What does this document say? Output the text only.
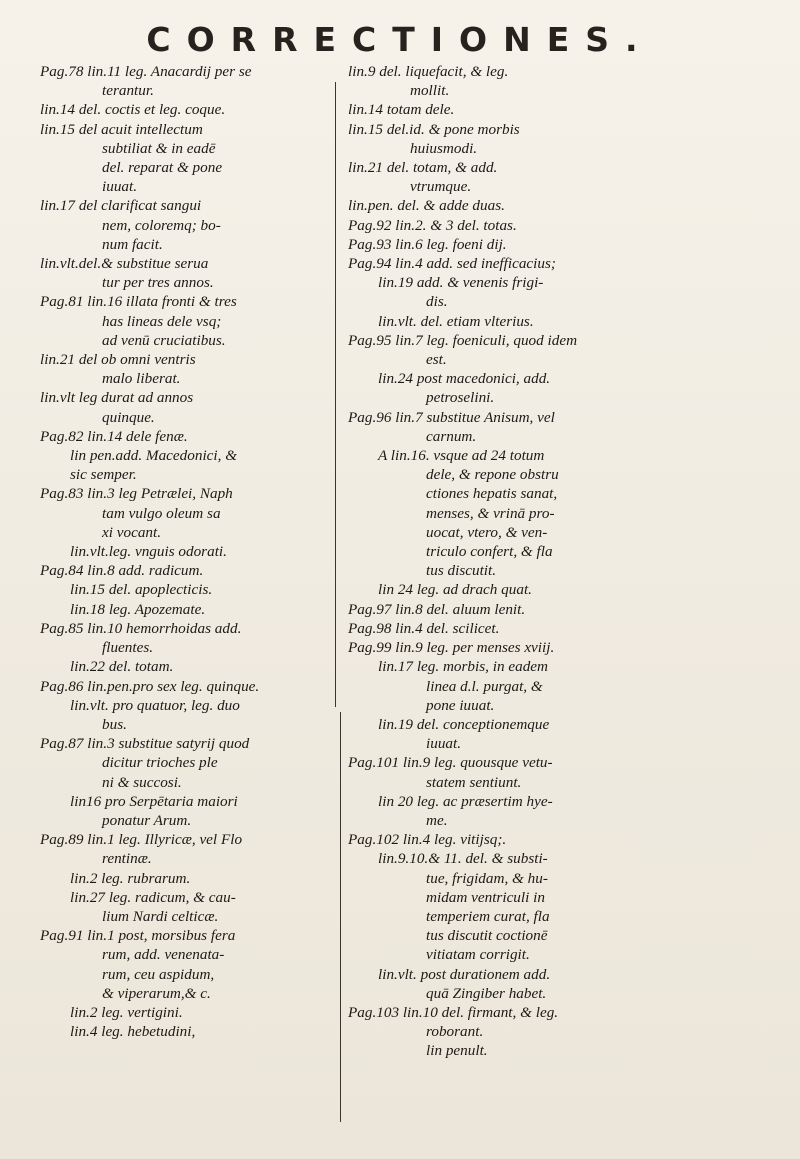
CORRECTIONES.
Pag.78 lin.11 leg. Anacardij per se
terantur.
lin.14 del. coctis et leg. coque.
lin.15 del acuit intellectum
subtiliat & in eadē
del. reparat & pone
iuuat.
lin.17 del clarificat sangui
nem, coloremq; bo-
num facit.
lin.vlt.del.& substitue serua
tur per tres annos.
Pag.81 lin.16 illata fronti & tres
has lineas dele vsq;
ad venū cruciatibus.
lin.21 del ob omni ventris
malo liberat.
lin.vlt leg durat ad annos
quinque.
Pag.82 lin.14 dele fenæ.
lin pen.add. Macedonici, &
sic semper.
Pag.83 lin.3 leg Petrælei, Naph
tam vulgo oleum sa
xi vocant.
lin.vlt.leg. vnguis odorati.
Pag.84 lin.8 add. radicum.
lin.15 del. apoplecticis.
lin.18 leg. Apozemate.
Pag.85 lin.10 hemorrhoidas add.
fluentes.
lin.22 del. totam.
Pag.86 lin.pen.pro sex leg. quinque.
lin.vlt. pro quatuor, leg. duo
bus.
Pag.87 lin.3 substitue satyrij quod
dicitur trioches ple
ni & succosi.
lin16 pro Serpētaria maiori
ponatur Arum.
Pag.89 lin.1 leg. Illyricæ, vel Flo
rentinæ.
lin.2 leg. rubrarum.
lin.27 leg. radicum, & cau-
lium Nardi celticæ.
Pag.91 lin.1 post, morsibus fera
rum, add. venenata-
rum, ceu aspidum,
& viperarum,& c.
lin.2 leg. vertigini.
lin.4 leg. hebetudini,
lin.9 del. liquefacit, & leg.
mollit.
lin.14 totam dele.
lin.15 del.id. & pone morbis
huiusmodi.
lin.21 del. totam, & add.
vtrumque.
lin.pen. del. & adde duas.
Pag.92 lin.2. & 3 del. totas.
Pag.93 lin.6 leg. foeni dij.
Pag.94 lin.4 add. sed inefficacius;
lin.19 add. & venenis frigi-
dis.
lin.vlt. del. etiam vlterius.
Pag.95 lin.7 leg. foeniculi, quod idem
est.
lin.24 post macedonici, add.
petroselini.
Pag.96 lin.7 substitue Anisum, vel
carnum.
A lin.16. vsque ad 24 totum
dele, & repone obstru
ctiones hepatis sanat,
menses, & vrinā pro-
uocat, vtero, & ven-
triculo confert, & fla
tus discutit.
lin 24 leg. ad drach quat.
Pag.97 lin.8 del. aluum lenit.
Pag.98 lin.4 del. scilicet.
Pag.99 lin.9 leg. per menses xviij.
lin.17 leg. morbis, in eadem
linea d.l. purgat, &
pone iuuat.
lin.19 del. conceptionemque
iuuat.
Pag.101 lin.9 leg. quousque vetu-
statem sentiunt.
lin 20 leg. ac præsertim hye-
me.
Pag.102 lin.4 leg. vitijsq;.
lin.9.10.& 11. del. & substi-
tue, frigidam, & hu-
midam ventriculi in
temperiem curat, fla
tus discutit coctionē
vitiatam corrigit.
lin.vlt. post durationem add.
quā Zingiber habet.
Pag.103 lin.10 del. firmant, & leg.
roborant.
lin penult.
